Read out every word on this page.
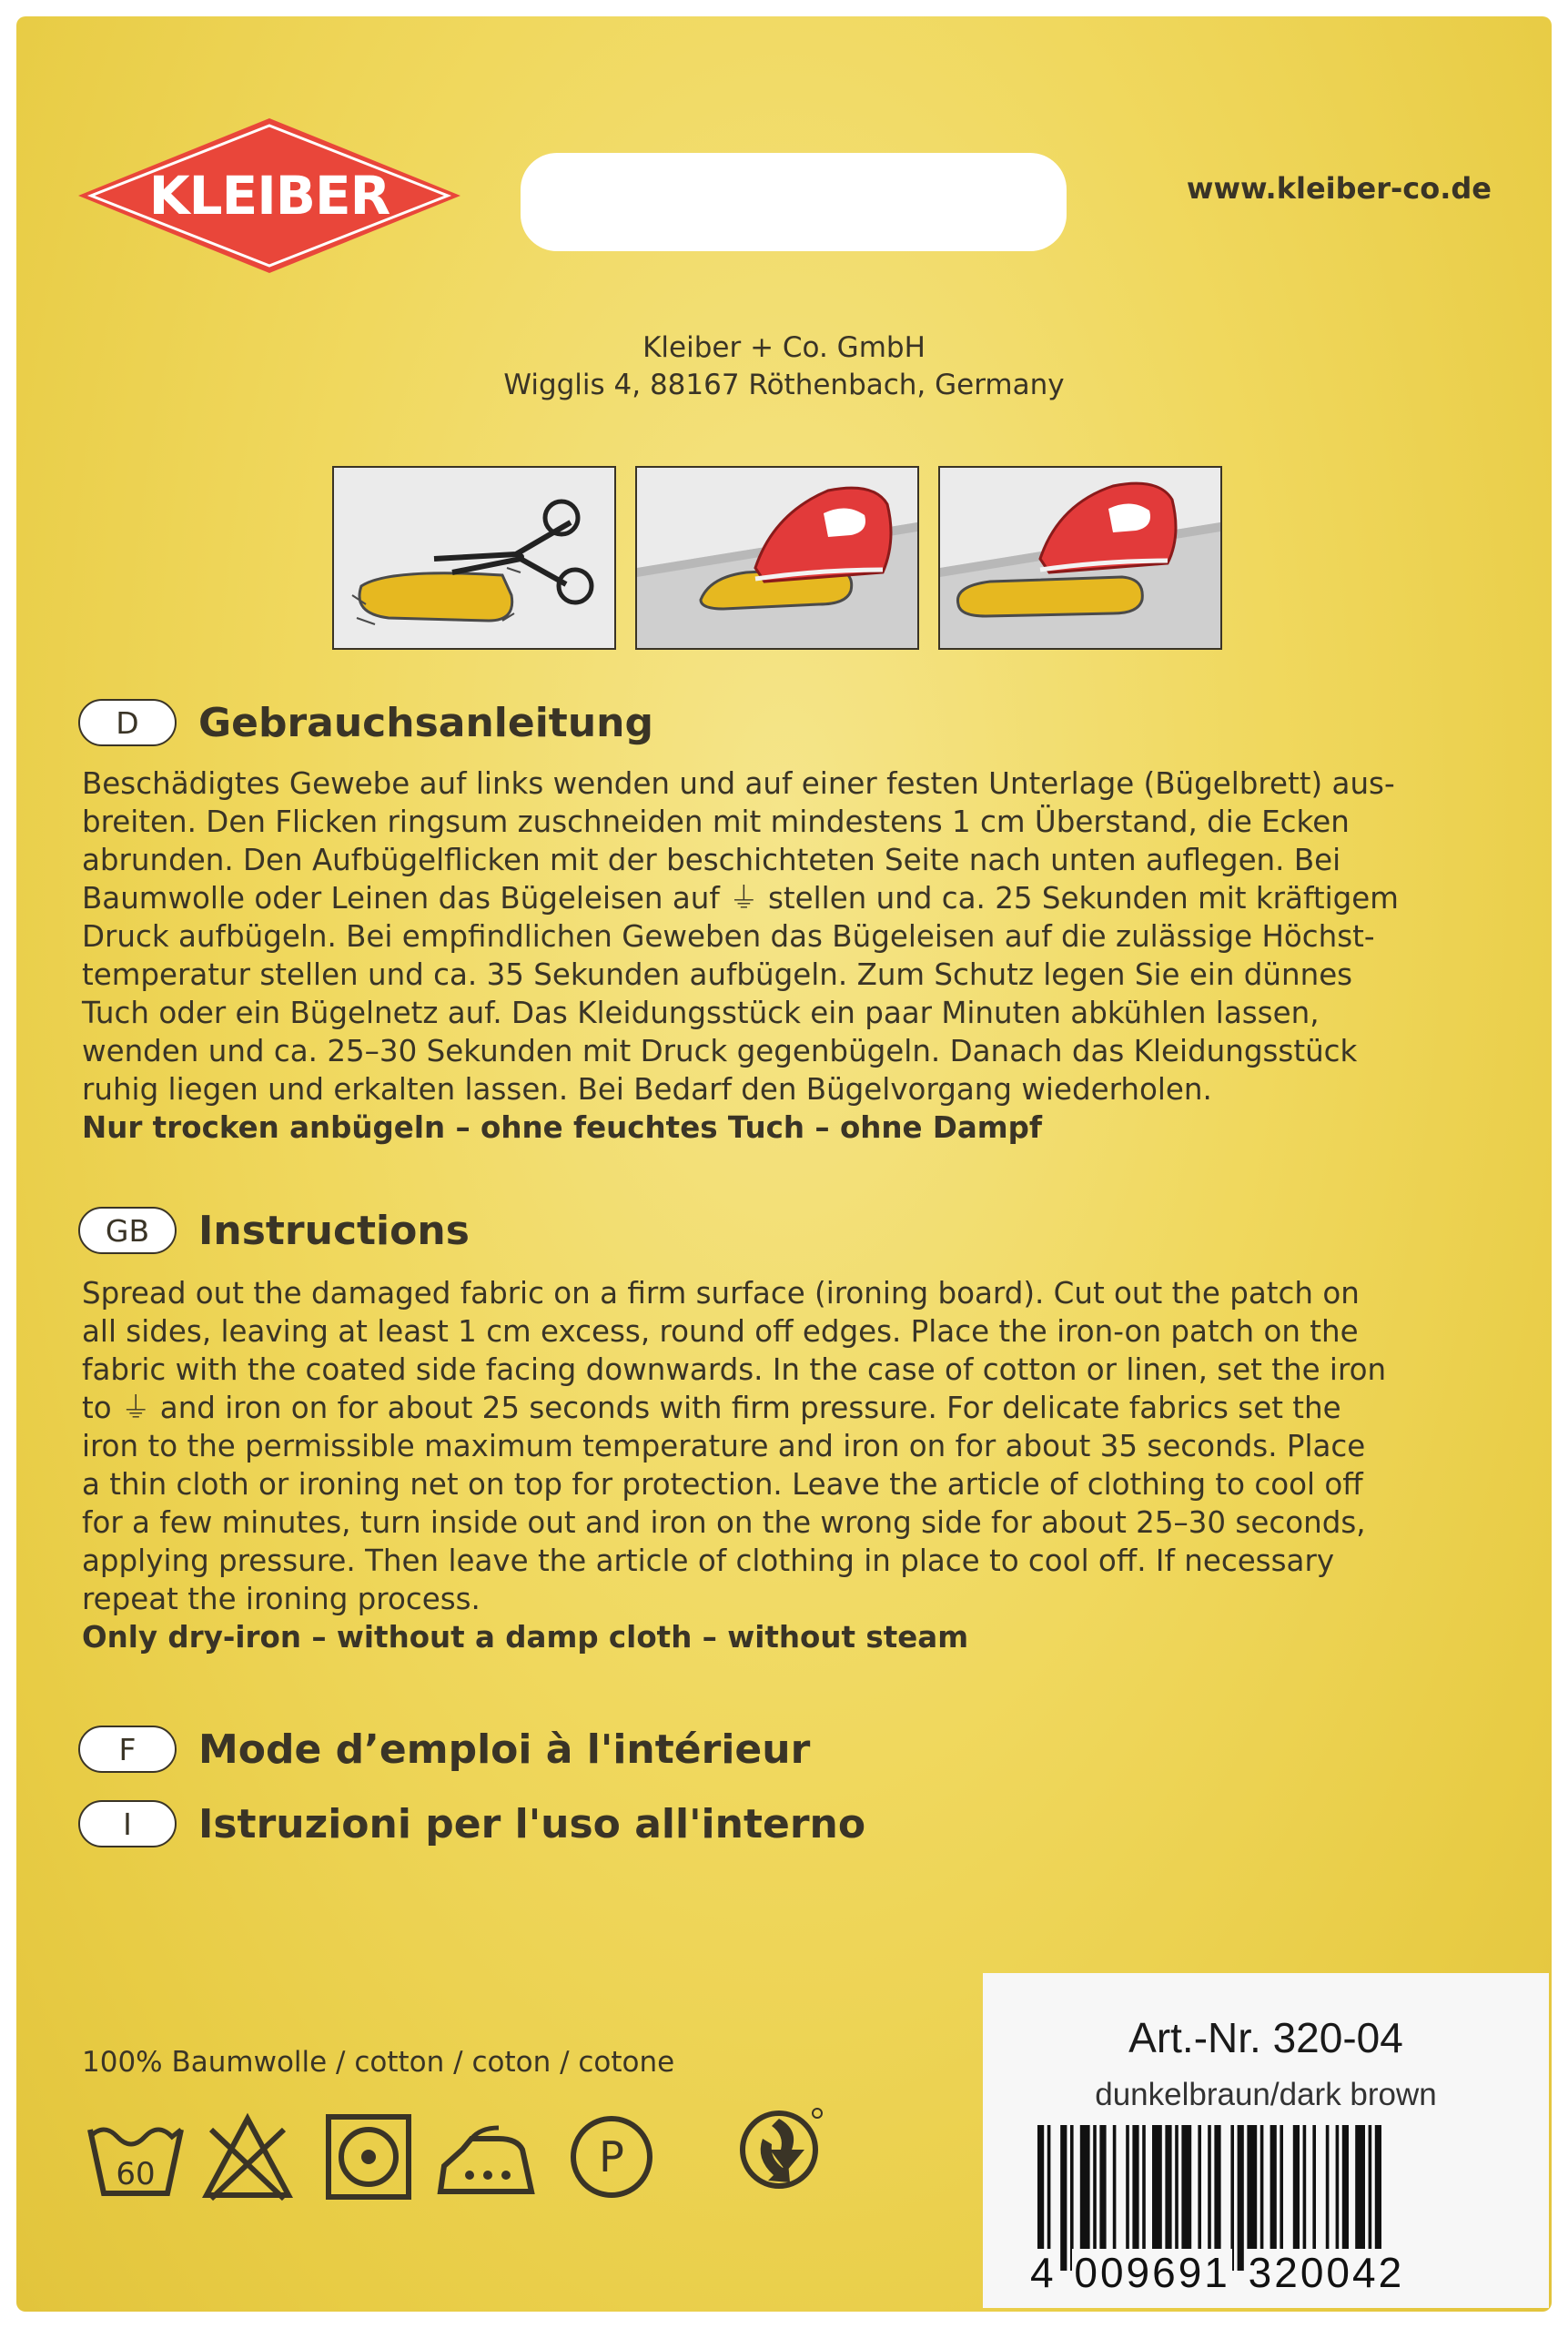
KLEIBER	www.kleiber-co.de
Kleiber + Co. GmbH
Wigglis 4, 88167 Röthenbach, Germany
D	Gebrauchsanleitung
Beschädigtes Gewebe auf links wenden und auf einer festen Unterlage (Bügelbrett) aus-
breiten. Den Flicken ringsum zuschneiden mit mindestens 1 cm Überstand, die Ecken
abrunden. Den Aufbügelflicken mit der beschichteten Seite nach unten auflegen. Bei
Baumwolle oder Leinen das Bügeleisen auf ⏚ stellen und ca. 25 Sekunden mit kräftigem
Druck aufbügeln. Bei empfindlichen Geweben das Bügeleisen auf die zulässige Höchst-
temperatur stellen und ca. 35 Sekunden aufbügeln. Zum Schutz legen Sie ein dünnes
Tuch oder ein Bügelnetz auf. Das Kleidungsstück ein paar Minuten abkühlen lassen,
wenden und ca. 25–30 Sekunden mit Druck gegenbügeln. Danach das Kleidungsstück
ruhig liegen und erkalten lassen. Bei Bedarf den Bügelvorgang wiederholen.
Nur trocken anbügeln – ohne feuchtes Tuch – ohne Dampf
GB	Instructions
Spread out the damaged fabric on a firm surface (ironing board). Cut out the patch on
all sides, leaving at least 1 cm excess, round off edges. Place the iron-on patch on the
fabric with the coated side facing downwards. In the case of cotton or linen, set the iron
to ⏚ and iron on for about 25 seconds with firm pressure. For delicate fabrics set the
iron to the permissible maximum temperature and iron on for about 35 seconds. Place
a thin cloth or ironing net on top for protection. Leave the article of clothing to cool off
for a few minutes, turn inside out and iron on the wrong side for about 25–30 seconds,
applying pressure. Then leave the article of clothing in place to cool off. If necessary
repeat the ironing process.
Only dry-iron – without a damp cloth – without steam
F	Mode d’emploi à l'intérieur
I	Istruzioni per l'uso all'interno
100% Baumwolle / cotton / coton / cotone
60	P
Art.-Nr. 320-04
dunkelbraun/dark brown
4 009691 320042
